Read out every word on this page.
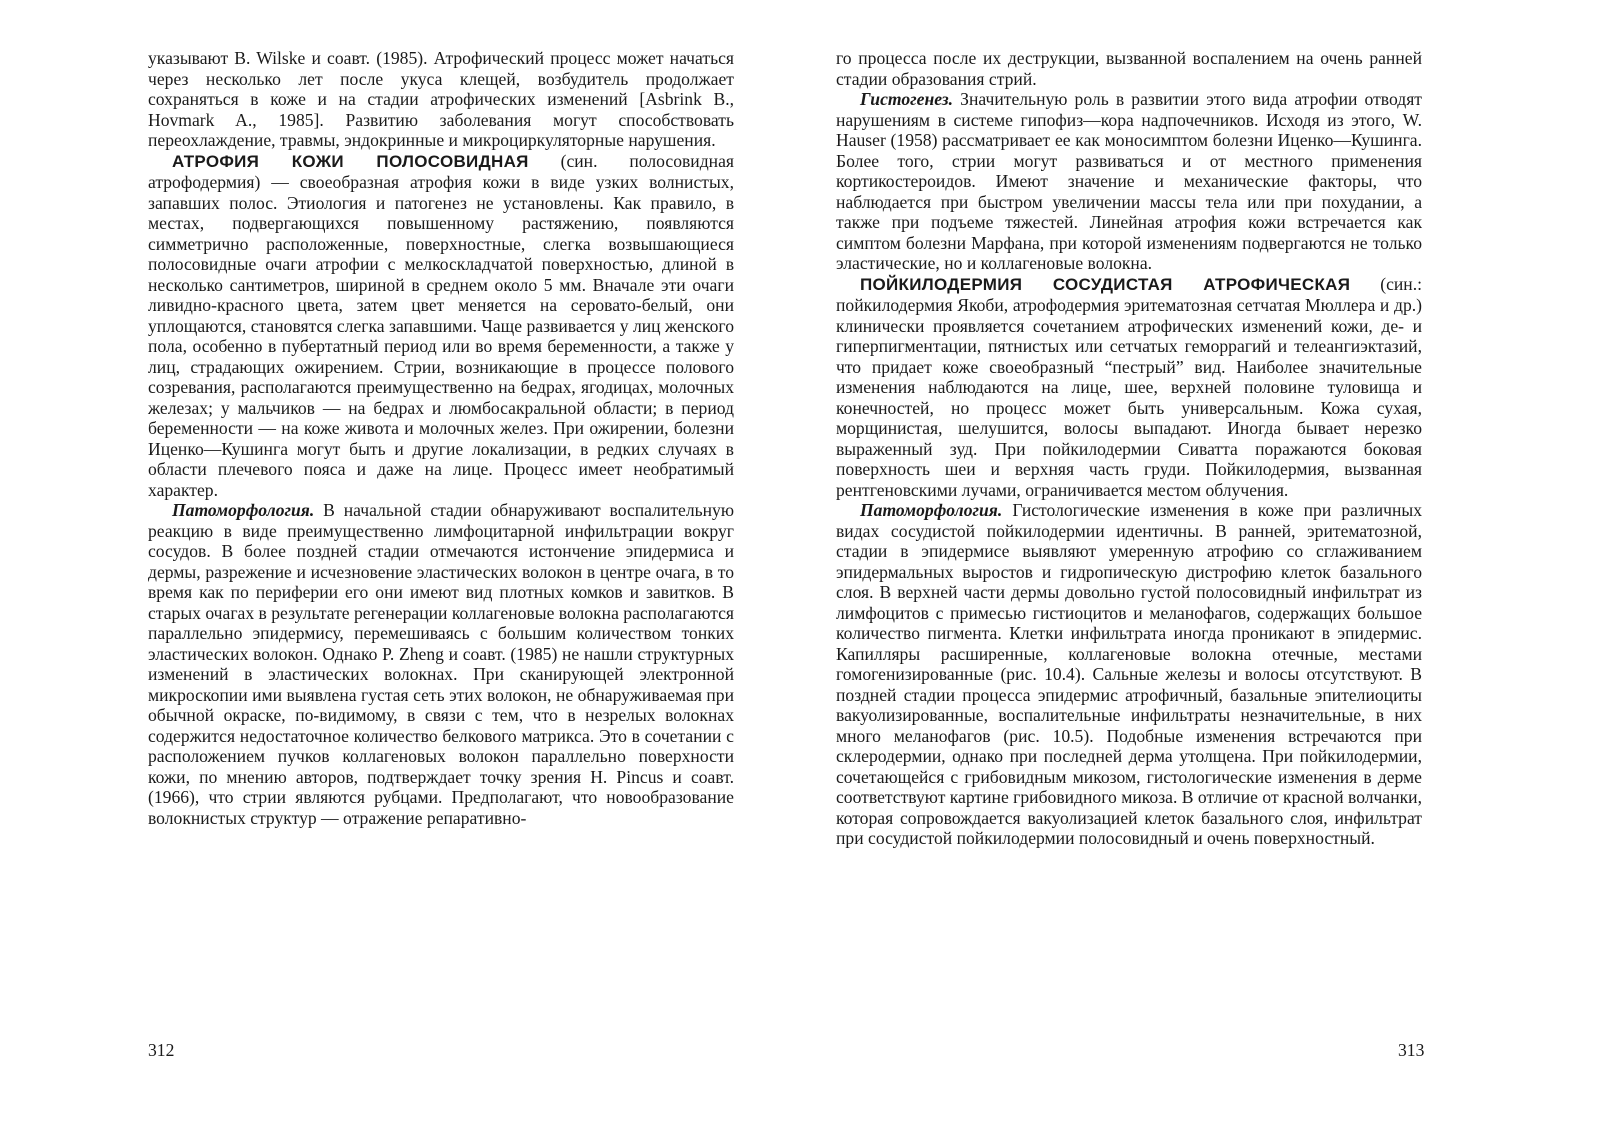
указывают B. Wilske и соавт. (1985). Атрофический процесс может начаться через несколько лет после укуса клещей, возбудитель продолжает сохраняться в коже и на стадии атрофических изменений [Asbrink B., Hovmark A., 1985]. Развитию заболевания могут способствовать переохлаждение, травмы, эндокринные и микроциркуляторные нарушения.

АТРОФИЯ КОЖИ ПОЛОСОВИДНАЯ (син. полосовидная атрофодермия) — своеобразная атрофия кожи в виде узких волнистых, запавших полос. Этиология и патогенез не установлены. Как правило, в местах, подвергающихся повышенному растяжению, появляются симметрично расположенные, поверхностные, слегка возвышающиеся полосовидные очаги атрофии с мелкоскладчатой поверхностью, длиной в несколько сантиметров, шириной в среднем около 5 мм. Вначале эти очаги ливидно-красного цвета, затем цвет меняется на серовато-белый, они уплощаются, становятся слегка запавшими. Чаще развивается у лиц женского пола, особенно в пубертатный период или во время беременности, а также у лиц, страдающих ожирением. Стрии, возникающие в процессе полового созревания, располагаются преимущественно на бедрах, ягодицах, молочных железах; у мальчиков — на бедрах и люмбосакральной области; в период беременности — на коже живота и молочных желез. При ожирении, болезни Иценко—Кушинга могут быть и другие локализации, в редких случаях в области плечевого пояса и даже на лице. Процесс имеет необратимый характер.

Патоморфология. В начальной стадии обнаруживают воспалительную реакцию в виде преимущественно лимфоцитарной инфильтрации вокруг сосудов. В более поздней стадии отмечаются истончение эпидермиса и дермы, разрежение и исчезновение эластических волокон в центре очага, в то время как по периферии его они имеют вид плотных комков и завитков. В старых очагах в результате регенерации коллагеновые волокна располагаются параллельно эпидермису, перемешиваясь с большим количеством тонких эластических волокон. Однако P. Zheng и соавт. (1985) не нашли структурных изменений в эластических волокнах. При сканирующей электронной микроскопии ими выявлена густая сеть этих волокон, не обнаруживаемая при обычной окраске, по-видимому, в связи с тем, что в незрелых волокнах содержится недостаточное количество белкового матрикса. Это в сочетании с расположением пучков коллагеновых волокон параллельно поверхности кожи, по мнению авторов, подтверждает точку зрения H. Pincus и соавт. (1966), что стрии являются рубцами. Предполагают, что новообразование волокнистых структур — отражение репаративно-

312

го процесса после их деструкции, вызванной воспалением на очень ранней стадии образования стрий.

Гистогенез. Значительную роль в развитии этого вида атрофии отводят нарушениям в системе гипофиз—кора надпочечников. Исходя из этого, W. Hauser (1958) рассматривает ее как моносимптом болезни Иценко—Кушинга. Более того, стрии могут развиваться и от местного применения кортикостероидов. Имеют значение и механические факторы, что наблюдается при быстром увеличении массы тела или при похудании, а также при подъеме тяжестей. Линейная атрофия кожи встречается как симптом болезни Марфана, при которой изменениям подвергаются не только эластические, но и коллагеновые волокна.

ПОЙКИЛОДЕРМИЯ СОСУДИСТАЯ АТРОФИЧЕСКАЯ (син.: пойкилодермия Якоби, атрофодермия эритематозная сетчатая Мюллера и др.) клинически проявляется сочетанием атрофических изменений кожи, де- и гиперпигментации, пятнистых или сетчатых геморрагий и телеангиэктазий, что придает коже своеобразный “пестрый” вид. Наиболее значительные изменения наблюдаются на лице, шее, верхней половине туловища и конечностей, но процесс может быть универсальным. Кожа сухая, морщинистая, шелушится, волосы выпадают. Иногда бывает нерезко выраженный зуд. При пойкилодермии Сиватта поражаются боковая поверхность шеи и верхняя часть груди. Пойкилодермия, вызванная рентгеновскими лучами, ограничивается местом облучения.

Патоморфология. Гистологические изменения в коже при различных видах сосудистой пойкилодермии идентичны. В ранней, эритематозной, стадии в эпидермисе выявляют умеренную атрофию со сглаживанием эпидермальных выростов и гидропическую дистрофию клеток базального слоя. В верхней части дермы довольно густой полосовидный инфильтрат из лимфоцитов с примесью гистиоцитов и меланофагов, содержащих большое количество пигмента. Клетки инфильтрата иногда проникают в эпидермис. Капилляры расширенные, коллагеновые волокна отечные, местами гомогенизированные (рис. 10.4). Сальные железы и волосы отсутствуют. В поздней стадии процесса эпидермис атрофичный, базальные эпителиоциты вакуолизированные, воспалительные инфильтраты незначительные, в них много меланофагов (рис. 10.5). Подобные изменения встречаются при склеродермии, однако при последней дерма утолщена. При пойкилодермии, сочетающейся с грибовидным микозом, гистологические изменения в дерме соответствуют картине грибовидного микоза. В отличие от красной волчанки, которая сопровождается вакуолизацией клеток базального слоя, инфильтрат при сосудистой пойкилодермии полосовидный и очень поверхностный.

313
